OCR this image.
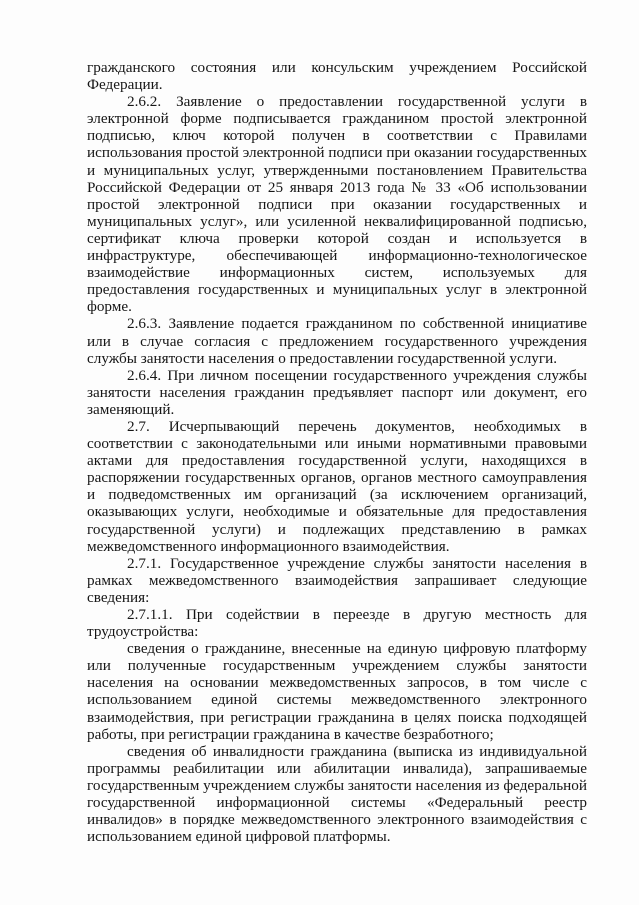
гражданского состояния или консульским учреждением Российской Федерации.

2.6.2. Заявление о предоставлении государственной услуги в электронной форме подписывается гражданином простой электронной подписью, ключ которой получен в соответствии с Правилами использования простой электронной подписи при оказании государственных и муниципальных услуг, утвержденными постановлением Правительства Российской Федерации от 25 января 2013 года № 33 «Об использовании простой электронной подписи при оказании государственных и муниципальных услуг», или усиленной неквалифицированной подписью, сертификат ключа проверки которой создан и используется в инфраструктуре, обеспечивающей информационно-технологическое взаимодействие информационных систем, используемых для предоставления государственных и муниципальных услуг в электронной форме.

2.6.3. Заявление подается гражданином по собственной инициативе или в случае согласия с предложением государственного учреждения службы занятости населения о предоставлении государственной услуги.

2.6.4. При личном посещении государственного учреждения службы занятости населения гражданин предъявляет паспорт или документ, его заменяющий.

2.7. Исчерпывающий перечень документов, необходимых в соответствии с законодательными или иными нормативными правовыми актами для предоставления государственной услуги, находящихся в распоряжении государственных органов, органов местного самоуправления и подведомственных им организаций (за исключением организаций, оказывающих услуги, необходимые и обязательные для предоставления государственной услуги) и подлежащих представлению в рамках межведомственного информационного взаимодействия.

2.7.1. Государственное учреждение службы занятости населения в рамках межведомственного взаимодействия запрашивает следующие сведения:

2.7.1.1. При содействии в переезде в другую местность для трудоустройства:

сведения о гражданине, внесенные на единую цифровую платформу или полученные государственным учреждением службы занятости населения на основании межведомственных запросов, в том числе с использованием единой системы межведомственного электронного взаимодействия, при регистрации гражданина в целях поиска подходящей работы, при регистрации гражданина в качестве безработного;

сведения об инвалидности гражданина (выписка из индивидуальной программы реабилитации или абилитации инвалида), запрашиваемые государственным учреждением службы занятости населения из федеральной государственной информационной системы «Федеральный реестр инвалидов» в порядке межведомственного электронного взаимодействия с использованием единой цифровой платформы.
